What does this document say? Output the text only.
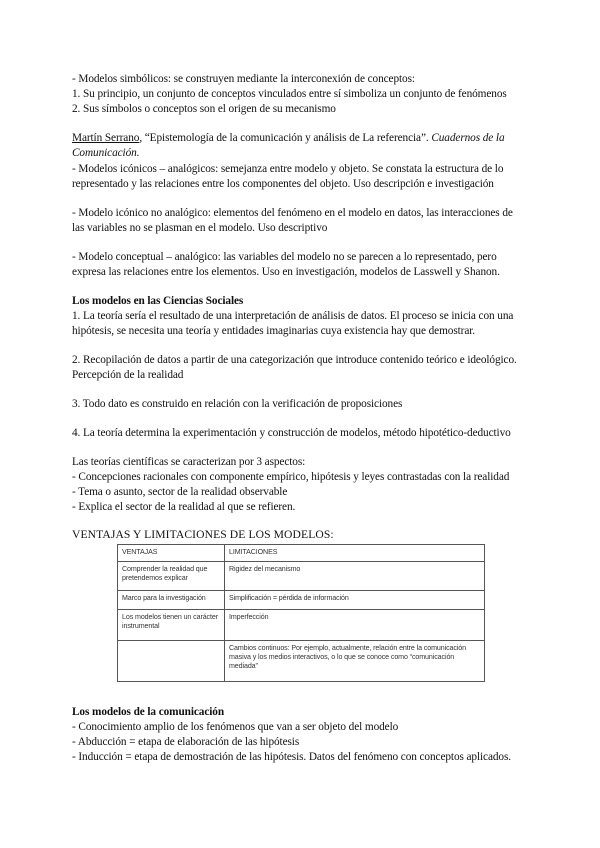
- Modelos simbólicos: se construyen mediante la interconexión de conceptos:
1. Su principio, un conjunto de conceptos vinculados entre sí simboliza un conjunto de fenómenos
2. Sus símbolos o conceptos son el origen de su mecanismo
Martín Serrano, “Epistemología de la comunicación y análisis de La referencia”. Cuadernos de la
Comunicación.
- Modelos icónicos – analógicos: semejanza entre modelo y objeto. Se constata la estructura de lo
representado y las relaciones entre los componentes del objeto. Uso descripción e investigación
- Modelo icónico no analógico: elementos del fenómeno en el modelo en datos, las interacciones de
las variables no se plasman en el modelo. Uso descriptivo
- Modelo conceptual – analógico: las variables del modelo no se parecen a lo representado, pero
expresa las relaciones entre los elementos. Uso en investigación, modelos de Lasswell y Shanon.
Los modelos en las Ciencias Sociales
1. La teoría sería el resultado de una interpretación de análisis de datos. El proceso se inicia con una
hipótesis, se necesita una teoría y entidades imaginarias cuya existencia hay que demostrar.
2. Recopilación de datos a partir de una categorización que introduce contenido teórico e ideológico.
Percepción de la realidad
3. Todo dato es construido en relación con la verificación de proposiciones
4. La teoría determina la experimentación y construcción de modelos, método hipotético-deductivo
Las teorías científicas se caracterizan por 3 aspectos:
- Concepciones racionales con componente empírico, hipótesis y leyes contrastadas con la realidad
- Tema o asunto, sector de la realidad observable
- Explica el sector de la realidad al que se refieren.
VENTAJAS Y LIMITACIONES DE LOS MODELOS:
VENTAJAS	LIMITACIONES
Comprender la realidad que pretendemos explicar	Rigidez del mecanismo
Marco para la investigación	Simplificación = pérdida de información
Los modelos tienen un carácter instrumental	Imperfección
	Cambios continuos: Por ejemplo, actualmente, relación entre la comunicación masiva y los medios interactivos, o lo que se conoce como “comunicación mediada”
Los modelos de la comunicación
- Conocimiento amplio de los fenómenos que van a ser objeto del modelo
- Abducción = etapa de elaboración de las hipótesis
- Inducción = etapa de demostración de las hipótesis. Datos del fenómeno con conceptos aplicados.
